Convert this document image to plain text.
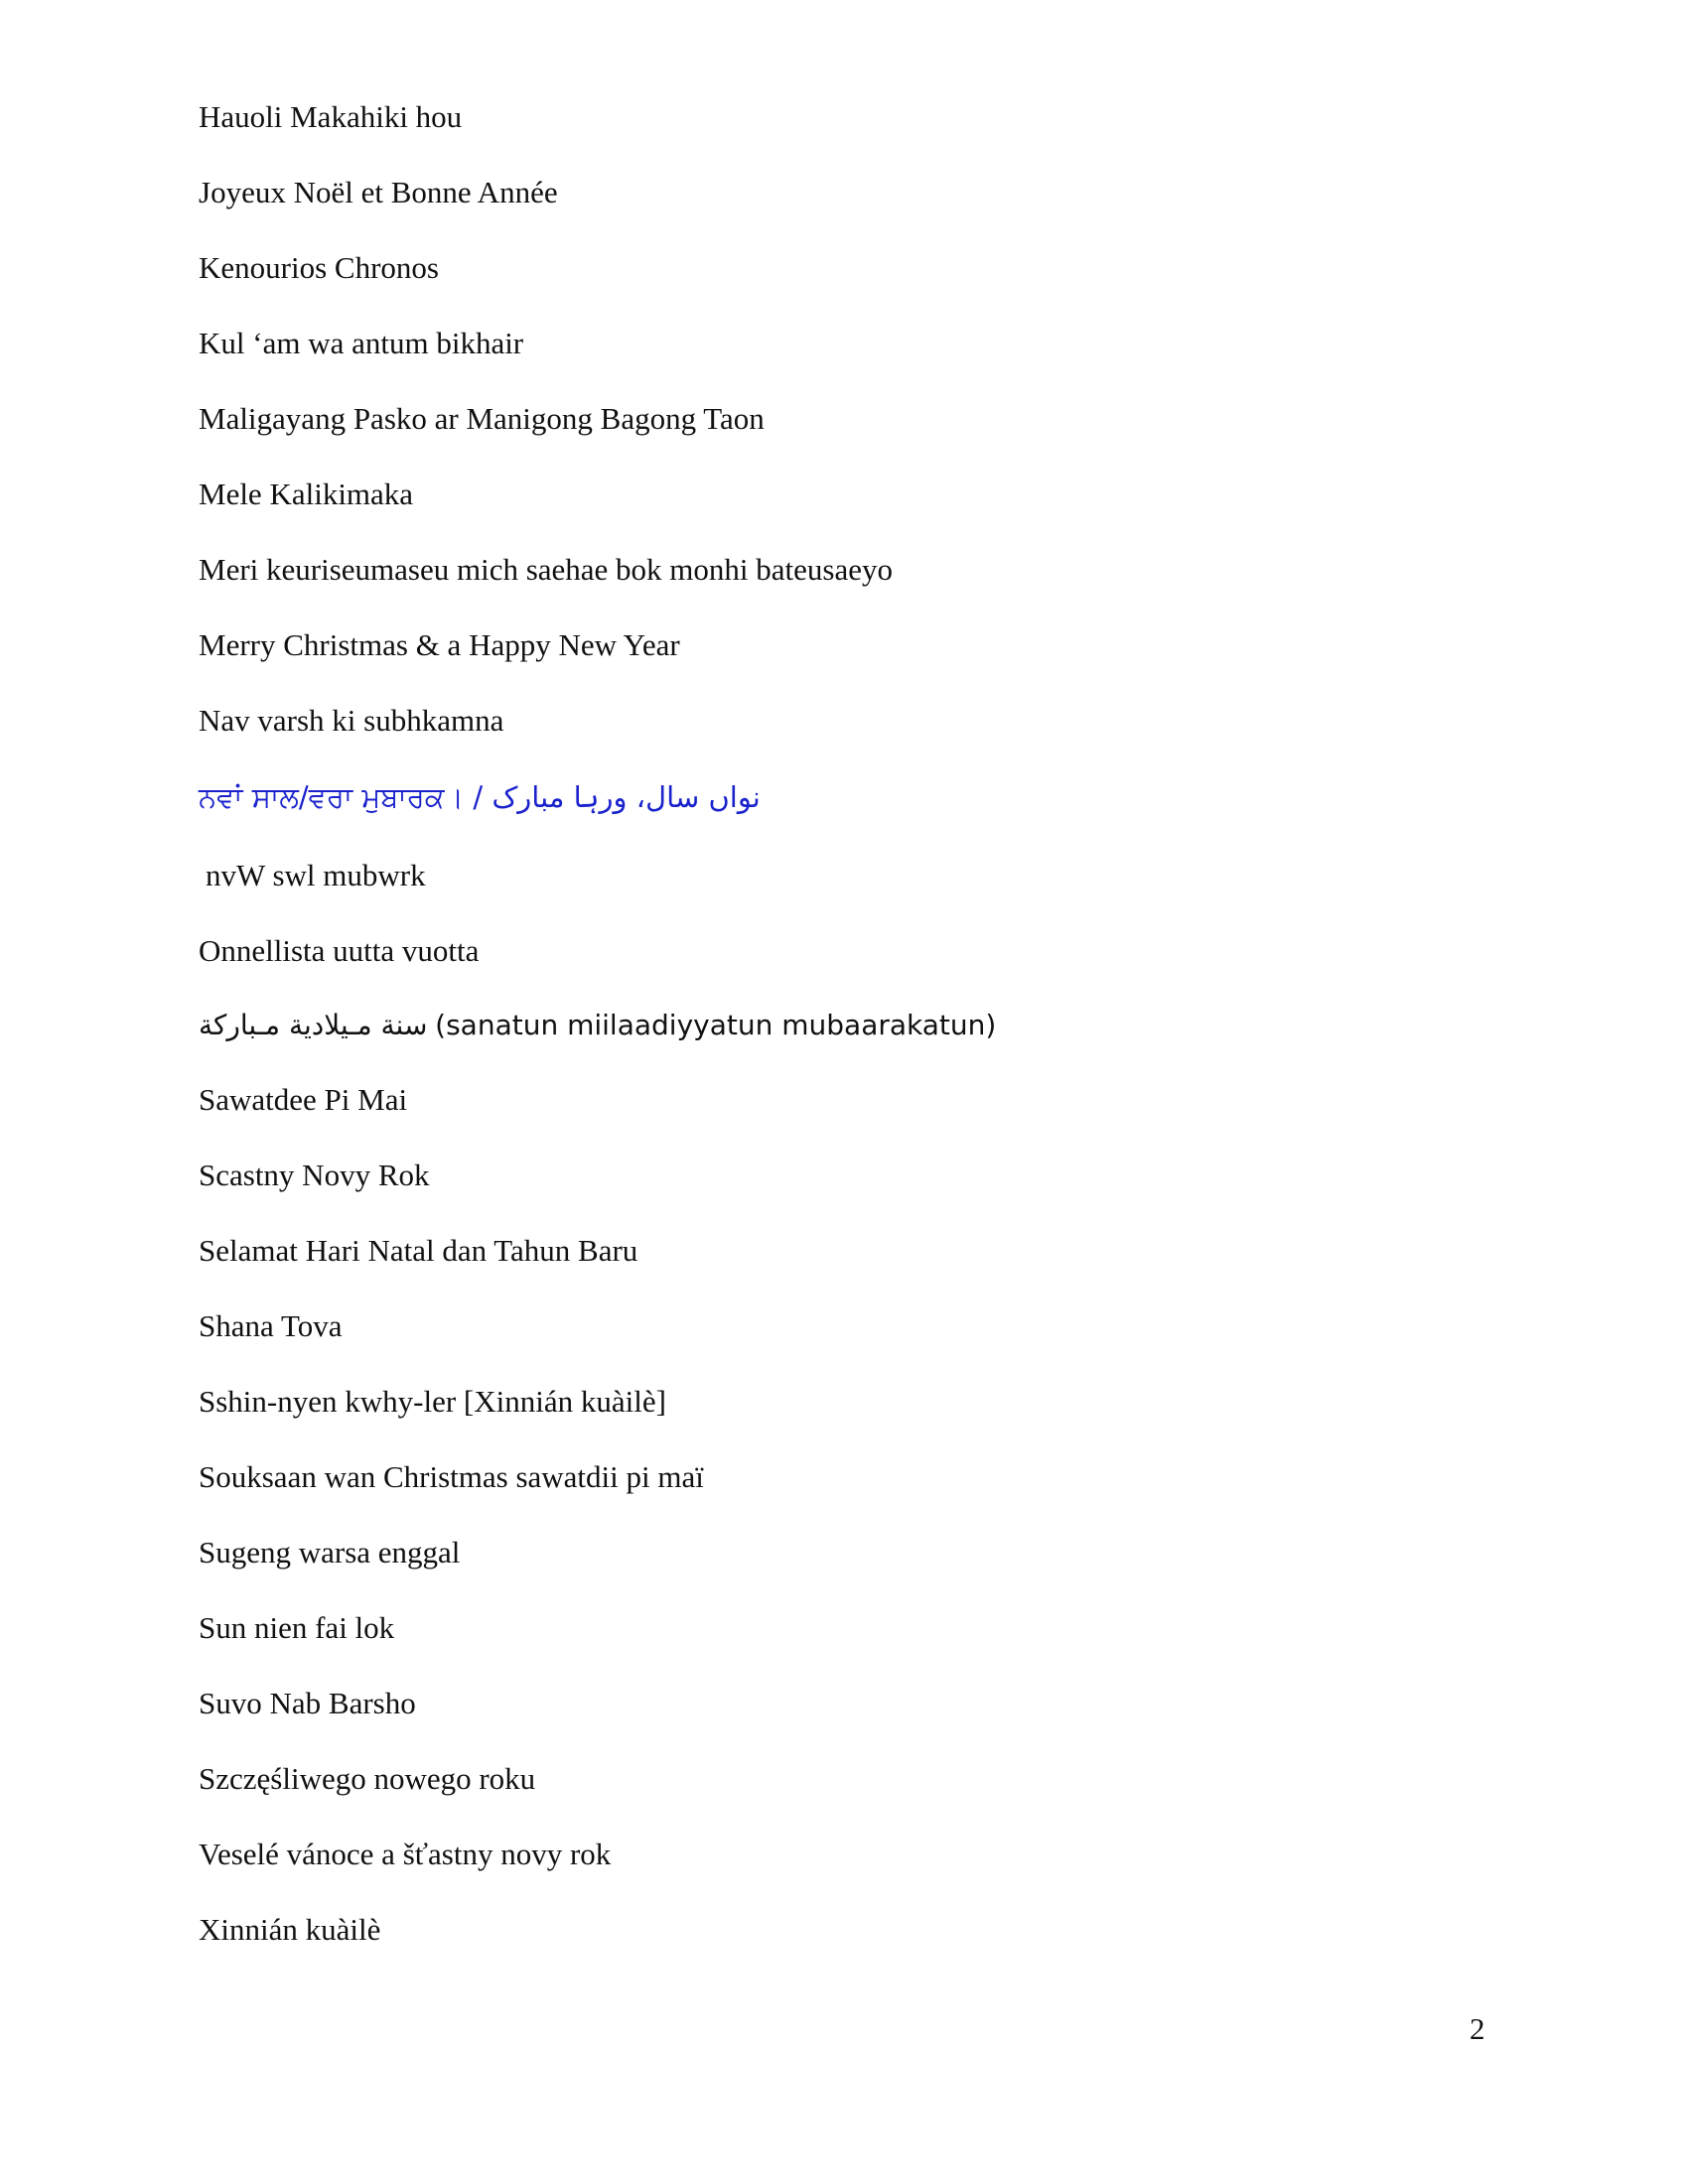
Hauoli Makahiki hou
Joyeux Noël et Bonne Année
Kenourios Chronos
Kul ‘am wa antum bikhair
Maligayang Pasko ar Manigong Bagong Taon
Mele Kalikimaka
Meri keuriseumaseu mich saehae bok monhi bateusaeyo
Merry Christmas & a Happy New Year
Nav varsh ki subhkamna
ਨਵਾਂ ਸਾਲ/ਵਰਾ ਮੁਬਾਰਕ। / نواں سال، ورہا مبارک
nvW swl mubwrk
Onnellista uutta vuotta
سنة مـيلادية مـباركة (sanatun miilaadiyyatun mubaarakatun)
Sawatdee Pi Mai
Scastny Novy Rok
Selamat Hari Natal dan Tahun Baru
Shana Tova
Sshin-nyen kwhy-ler [Xinnián kuàilè]
Souksaan wan Christmas sawatdii pi maï
Sugeng warsa enggal
Sun nien fai lok
Suvo Nab Barsho
Szczęśliwego nowego roku
Veselé vánoce a šťastny novy rok
Xinnián kuàilè
2
